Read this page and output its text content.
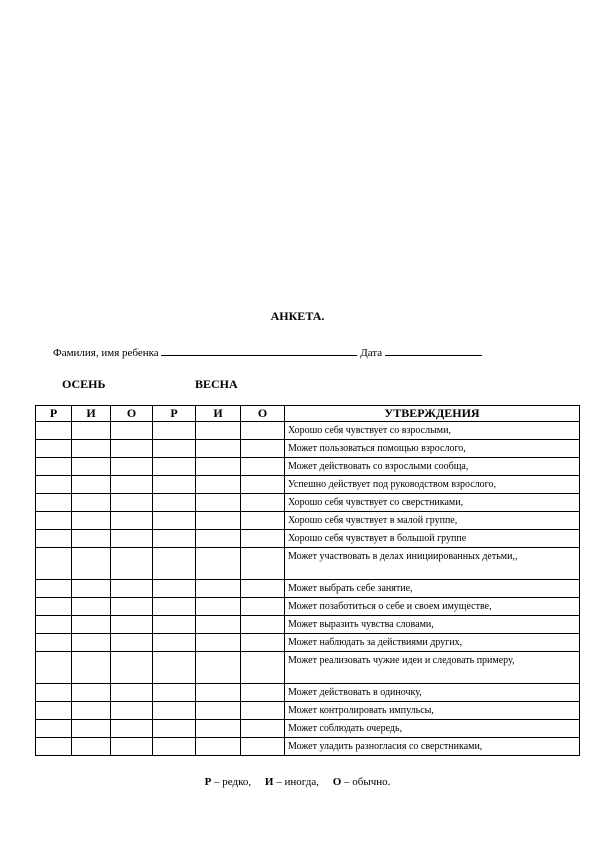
АНКЕТА.
Фамилия, имя ребенка	Дата
ОСЕНЬ	ВЕСНА
Р	И	О	Р	И	О	УТВЕРЖДЕНИЯ
						Хорошо себя чувствует со взрослыми,
						Может пользоваться помощью взрослого,
						Может действовать со взрослыми сообща,
						Успешно действует под руководством взрослого,
						Хорошо себя чувствует со сверстниками,
						Хорошо себя чувствует в малой группе,
						Хорошо себя чувствует в большой группе
						Может участвовать в делах инициированных детьми,,
						Может выбрать себе занятие,
						Может позаботиться о себе и своем имуществе,
						Может выразить чувства словами,
						Может наблюдать за действиями других,
						Может реализовать чужие идеи и следовать примеру,
						Может действовать в одиночку,
						Может контролировать импульсы,
						Может соблюдать очередь,
						Может уладить разногласия со сверстниками,
Р – редко, И – иногда, О – обычно.
